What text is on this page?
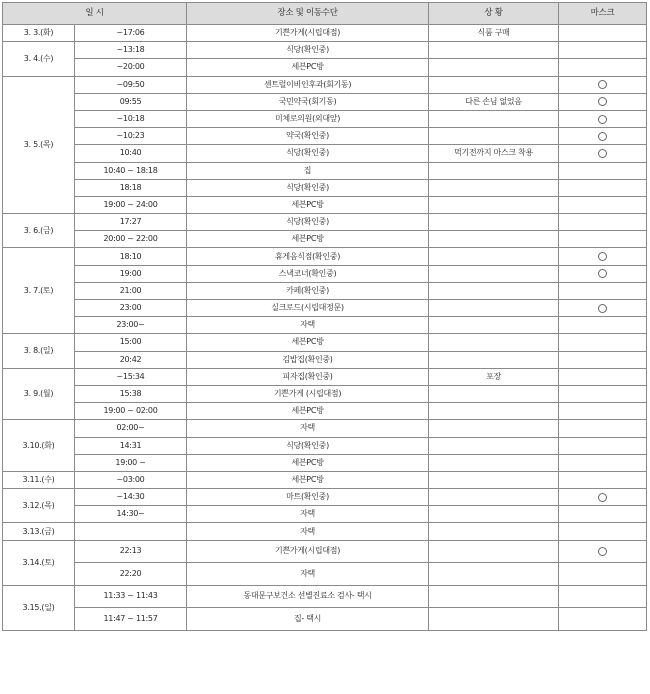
일 시		장소 및 이동수단	상 황	마스크
3. 3.(화)	~17:06	기쁜가게(시립대점)	식품 구매	
3. 4.(수)	~13:18	식당(확인중)		
	~20:00	세븐PC방		
3. 5.(목)	~09:50	센트럴이비인후과(회기동)		
	09:55	국민약국(회기동)	다른 손님 없었음	
	~10:18	미체로의원(외대앞)		
	~10:23	약국(확인중)		
	10:40	식당(확인중)	먹기전까지 마스크 착용	
	10:40 ~ 18:18	집		
	18:18	식당(확인중)		
	19:00 ~ 24:00	세븐PC방		
3. 6.(금)	17:27	식당(확인중)		
	20:00 ~ 22:00	세븐PC방		
3. 7.(토)	18:10	휴게음식점(확인중)		
	19:00	스낵코너(확인중)		
	21:00	카페(확인중)		
	23:00	실크로드(시립대정문)		
	23:00~	자택		
3. 8.(일)	15:00	세븐PC방		
	20:42	김밥집(확인중)		
3. 9.(월)	~15:34	피자집(확인중)	포장	
	15:38	기쁜가게 (시립대점)		
	19:00 ~ 02:00	세븐PC방		
3.10.(화)	02:00~	자택		
	14:31	식당(확인중)		
	19:00 ~	세븐PC방		
3.11.(수)	~03:00	세븐PC방		
3.12.(목)	~14:30	마트(확인중)		
	14:30~	자택		
3.13.(금)		자택		
3.14.(토)	22:13	기쁜가게(시립대점)		
	22:20	자택		
3.15.(일)	11:33 ~ 11:43	동대문구보건소 선별진료소 검사- 택시		
	11:47 ~ 11:57	집- 택시		
